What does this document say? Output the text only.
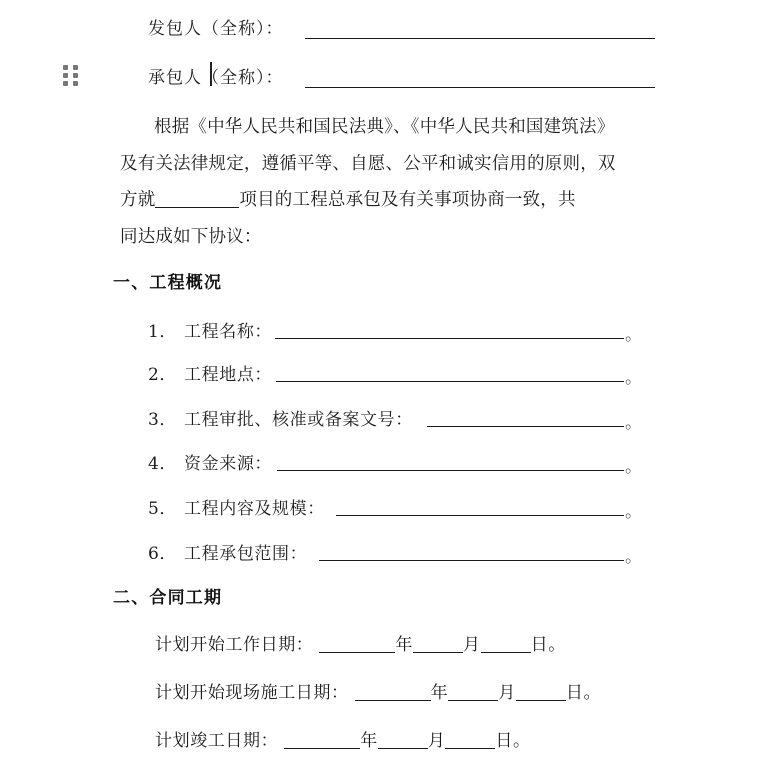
发包人（全称）：
承包人（全称）：
根据《中华人民共和国民法典》、《中华人民共和国建筑法》
及有关法律规定，遵循平等、自愿、公平和诚实信用的原则，双
方就	项目的工程总承包及有关事项协商一致，共
同达成如下协议：
一、工程概况
1． 工程名称：	。
2． 工程地点：	。
3． 工程审批、核准或备案文号：	。
4． 资金来源：	。
5． 工程内容及规模：	。
6． 工程承包范围：	。
二、合同工期
计划开始工作日期：	年	月	日。
计划开始现场施工日期：	年	月	日。
计划竣工日期：	年	月	日。
